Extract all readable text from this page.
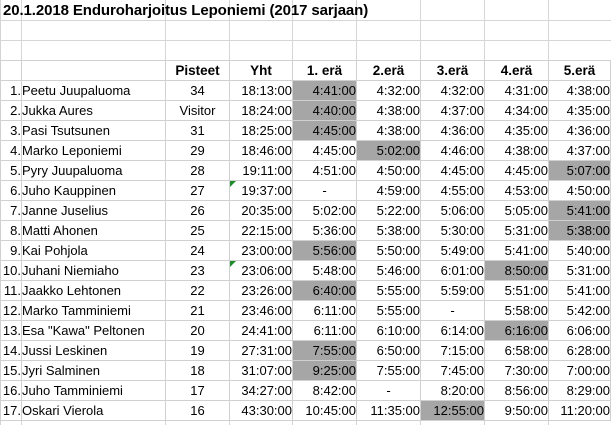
20.1.2018 Enduroharjoitus Leponiemi (2017 sarjaan)
		Pisteet	Yht	1. erä	2.erä	3.erä	4.erä	5.erä
1.	Peetu Juupaluoma	34	18:13:00	4:41:00	4:32:00	4:32:00	4:31:00	4:38:00
2.	Jukka Aures	Visitor	18:24:00	4:40:00	4:38:00	4:37:00	4:34:00	4:35:00
3.	Pasi Tsutsunen	31	18:25:00	4:45:00	4:38:00	4:36:00	4:35:00	4:36:00
4.	Marko Leponiemi	29	18:46:00	4:45:00	5:02:00	4:46:00	4:38:00	4:37:00
5.	Pyry Juupaluoma	28	19:11:00	4:51:00	4:50:00	4:45:00	4:45:00	5:07:00
6.	Juho Kauppinen	27	19:37:00	-	4:59:00	4:55:00	4:53:00	4:50:00
7.	Janne Juselius	26	20:35:00	5:02:00	5:22:00	5:06:00	5:05:00	5:41:00
8.	Matti Ahonen	25	22:15:00	5:36:00	5:38:00	5:30:00	5:31:00	5:38:00
9.	Kai Pohjola	24	23:00:00	5:56:00	5:50:00	5:49:00	5:41:00	5:40:00
10.	Juhani Niemiaho	23	23:06:00	5:48:00	5:46:00	6:01:00	8:50:00	5:31:00
11.	Jaakko Lehtonen	22	23:26:00	6:40:00	5:55:00	5:59:00	5:51:00	5:41:00
12.	Marko Tamminiemi	21	23:46:00	6:11:00	5:55:00	-	5:58:00	5:42:00
13.	Esa "Kawa" Peltonen	20	24:41:00	6:11:00	6:10:00	6:14:00	6:16:00	6:06:00
14.	Jussi Leskinen	19	27:31:00	7:55:00	6:50:00	7:15:00	6:58:00	6:28:00
15.	Jyri Salminen	18	31:07:00	9:25:00	7:55:00	7:45:00	7:30:00	7:00:00
16.	Juho Tamminiemi	17	34:27:00	8:42:00	-	8:20:00	8:56:00	8:29:00
17.	Oskari Vierola	16	43:30:00	10:45:00	11:35:00	12:55:00	9:50:00	11:20:00
